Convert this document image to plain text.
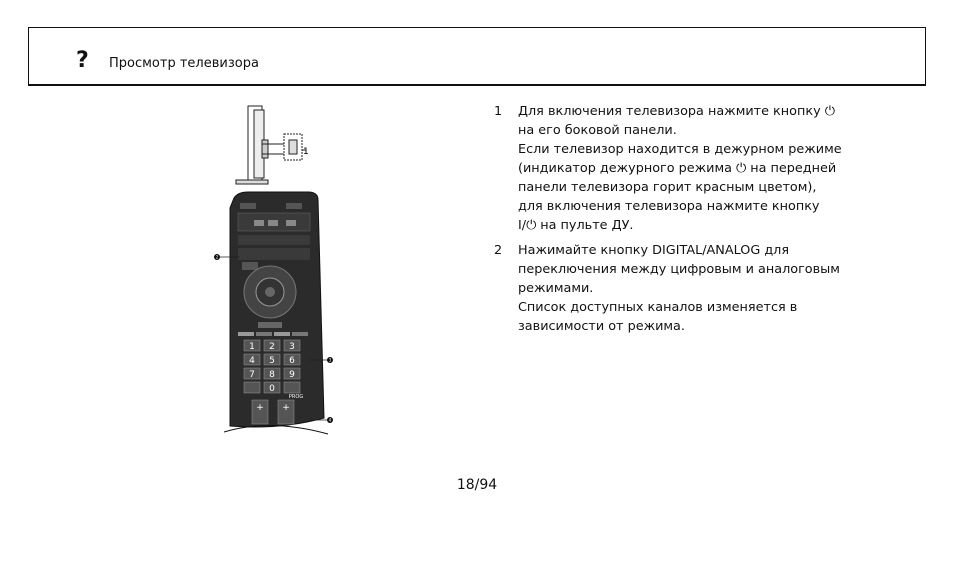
? Просмотр телевизора
1
1 2 3
4 5 6
7 8 9
0
+ +
PROG
2
3
4
1 Для включения телевизора нажмите кнопку ⏻
на его боковой панели.
Если телевизор находится в дежурном режиме
(индикатор дежурного режима ⏻ на передней
панели телевизора горит красным цветом),
для включения телевизора нажмите кнопку
I/⏻ на пульте ДУ.
2 Нажимайте кнопку DIGITAL/ANALOG для
переключения между цифровым и аналоговым
режимами.
Список доступных каналов изменяется в
зависимости от режима.
18/94
